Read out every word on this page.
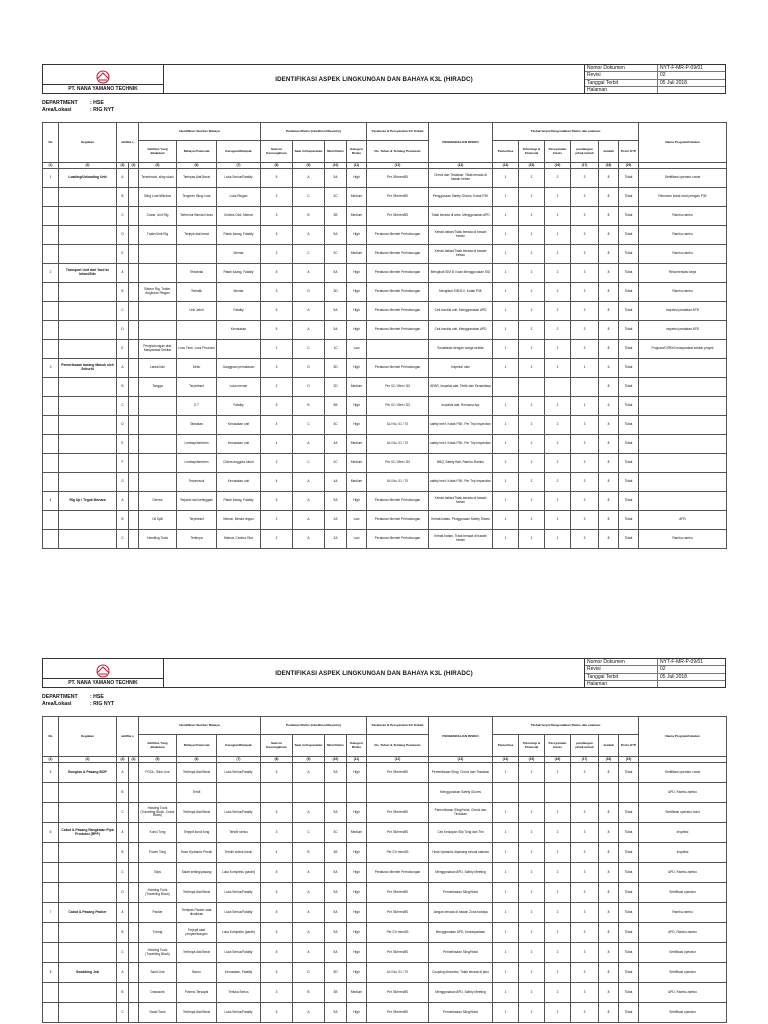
PT. NANA YAMANO TECHNIK
IDENTIFIKASI ASPEK LINGKUNGAN DAN BAHAYA K3L (HIRADC)
Nomor Dokumen	NYT-F-MR-P-09/01
Revisi	02
Tanggal Terbit	05 Juli 2018
Halaman
DEPARTMENT : HSE
Area/Lokasi	: RIG NYT
No	Kegiatan	aktifita s		Identifikasi Sumber Bahaya			Penilaian Risiko (Likelihood/Severity)				Peraturan & Persyaratan K3 Terkait	PENGENDALIAN RISIKO	Tindak lanjut Pengendalian Risiko dan evaluasi						Nama Program/Catatan
				Aktifitas Yang dilakukan	Bahaya Potensial	Kerugian/Dampak	Saat ini Kemungkinan	Saat ini Keparahan	Nilai Risiko	Kategori Risiko	No. Tahun & Tentang Peraturan		Pemeriksa	Teknologi & Finansial	Persyaratan bisnis	pandangan pihak terkait	Jumlah	Perlu O?P	
(1)	(2)	(3)	(4)	(5)	(6)	(7)	(8)	(9)	(10)	(11)	(12)	(13)	(14)	(15)	(16)	(17)	(18)	(19)	
1	Loading/Unloading Unit	A		Tersebrook, sling stuck	Terlepas Alat Berat	Luka Serius/Fatality	5	A	5A	High	Per 05/men/85	Check dan Tindakan. Tidak berada di bawah beban	1	2	2	3	8	Tidak	Sertifikasi operator crane
		B		Sling Lose/Window	Tergores Sling Lose	Luka Ringan	2	C	2C	Medium	Per 05/men/85	Penggunaan Safety Gloves, Kotak P3K	1	2	2	3	8	Tidak	Rekomen kotak obat petugas P3K
		C		Crane, Unit Rig	Terbentur Benda Keras	Cedera Otot, Memar	3	B	3B	Medium	Per 05/men/85	Tidak berada di area, Menggunakan APD	1	2	2	3	8	Tidak	Rambu-rambu
		D		Trailer/Unit Rig	Terjepit alat berat	Patah tulang, Fatality	5	A	5A	High	Peraturan Menteri Perhubungan	Kehati-hatian/Tidak berada di bawah beban	1	2	2	3	8	Tidak	Rambu-rambu
		E				Memar	2	C	2C	Medium	Peraturan Menteri Perhubungan	Kehati-hatian/Tidak berada di bawah beban	1	2	2	3	8	Tidak	Rambu-rambu
2	Transport Unit dari Yard ke lokasi/Site	A			Tertabrak	Patah tulang, Fatality	5	A	5A	High	Peraturan Menteri Perhubungan	Mengikuti SIM B II dan Menggunakan SIO	1	2	2	3	8	Tidak	Rekomendasi kerja
		B		Sistem Rig, Trailer, Angkutan Ringan	Terbalik	Memar	3	D	3D	High	Peraturan Menteri Perhubungan	Mengikuti SIM B II, Kotak P3K	1	2	2	3	8	Tidak	Rambu-rambu
		C			Unit Jatuh	Fatality	5	A	5A	High	Peraturan Menteri Perhubungan	Cek kondisi unit, Menggunakan APD	1	2	2	3	8	Tidak	inspeksi peralatan APD
		D				Kerusakan	5	A	5A	High	Peraturan Menteri Perhubungan	Cek kondisi unit, Menggunakan APD	1	2	2	3	8	Tidak	inspeksi peralatan APD
		E		Penghubungan alat, Masyarakat Sekitar	Loss Time, Loss Produksi		1	C	1C	Low		Sosialisasi dengan warga sekitar	1	2	2	3	8	Tidak	Program/CSR/k3 masyarakat sekitar proyek
3	Pemeriksaan barang Masuk oleh Sekuriti	A		Lantai licin	Debu	Gangguan pernafasan	3	D	3D	High	Peraturan Menteri Perhubungan	Inspeksi rutin	1	2	2	1	6	Tidak	
		B		Tangga	Terpeleset	Luka memar	2	D	2D	Medium	Per 02 / Men / 83	APAR, Inspeksi alat, Tertib dan Senantiasa					8	Tidak	
		C			S T	Fatality	5	B	5B	High	Per 02 / Men / 83	Inspeksi alat, Rencana Apr	1	2	2	1	6	Tidak	
		D			Tabrakan	Kerusakan unit	4	C	4C	High	UU No. 01 / 70	safety brief, Kotak P3K, Per Trip Inspection	1	2	2	3	8	Tidak	
		E			Lembap/berbeen	Kerusakan unit	4	A	4A	Medium	UU No. 01 / 70	safety brief, Kotak P3K, Per Trip Inspection	1	2	2	3	8	Tidak	
		F			Lembap/berbeen	Cidera anggota tubuh	2	C	2C	Medium	Per 02 / Men / 83	BBQ, Safety Ball, Rambu-Rambu	2	2	2	3	8	Tidak	
		G			Terperosok	Kerusakan unit	4	A	4A	Medium	UU No. 01 / 70	safety brief, Kotak P3K, Per Trip Inspection	1	2	2	3	8	Tidak	
4	Rig Up / Tegak Menara	A		Derrick	Terjatuh dari ketinggian	Patah tulang, Fatality	5	A	5A	High	Peraturan Menteri Perhubungan	Kehati-hatian/Tidak berada di bawah beban	1	2	2	3	8	Tidak	
		B		Oil Spill	Terpeleset	Memar, Benda ringan	2	A	2A	Low	Peraturan Menteri Perhubungan	Kehati-hatian, Penggunaan Safety Shoes	1	2	2	3	8	Tidak	APD
		C		Handling Tools	Tertimpa	Memar, Cedera Otot	2	A	2A	Low	Peraturan Menteri Perhubungan	Kehati-hatian, Tidak berada di bawah beban	1	2	2	3	8	Tidak	Rambu-rambu
PT. NANA YAMANO TECHNIK
IDENTIFIKASI ASPEK LINGKUNGAN DAN BAHAYA K3L (HIRADC)
Nomor Dokumen	NYT-F-MR-P-09/01
Revisi	02
Tanggal Terbit	05 Juli 2018
Halaman
DEPARTMENT : HSE
Area/Lokasi	: RIG NYT
No	Kegiatan	aktifita s		Identifikasi Sumber Bahaya			Penilaian Risiko (Likelihood/Severity)				Peraturan & Persyaratan K3 Terkait	PENGENDALIAN RISIKO	Tindak lanjut Pengendalian Risiko dan evaluasi						Nama Program/Catatan
				Aktifitas Yang dilakukan	Bahaya Potensial	Kerugian/Dampak	Saat ini Kemungkinan	Saat ini Keparahan	Nilai Risiko	Kategori Risiko	No. Tahun & Tentang Peraturan		Pemeriksa	Teknologi & Finansial	Persyaratan bisnis	pandangan pihak terkait	Jumlah	Perlu O?P	
(1)	(2)	(3)	(4)	(5)	(6)	(7)	(8)	(9)	(10)	(11)	(12)	(13)	(14)	(15)	(16)	(17)	(18)	(19)	
5	Bongkar & Pasang BOP	A		POOL, Slick Line	Tertimpa Alat Berat	Luka Serius/Fatality	5	A	5A	High	Per 05/men/85	Pemeriksaan Sling. Check dan Tindakan	1	2	2	3	8	Tidak	Sertifikasi operator crane
		B			Terbit							Menggunakan Safety Gloves							APD, Rambu-rambu
		C		Hoisting Tools (Travelling Block, Crane Block)	Tertimpa Alat Berat	Luka Serius/Fatality	5	A	5A	High	Per 05/men/85	Pemeriksaan Sling/Hoist, Check dan Tindakan	1	2	2	3	8	Tidak	Sertifikasi operator hoist
6	Cabut & Pasang Rangkaian Pipa Produksi (RPP)	A		Kunci Tong	Terjepit kunci tong	Terkilir serius	3	C	3C	Medium	Per 05/men/85	Cek Kesiapan Slip Tong dan Tim	1	2	2	3	8	Tidak	Inspeksi
		B		Power Tong	Hose Hydraulic Pecah	Terkilir cidera tubuh	4	B	4B	High	Per 01/ men/83	Hose hydraulic dipasang sesuai standar	1	2	2	3	8	Tidak	Inspeksi
		C		Slips	Salah setting/pasang	Luka Kompleks (parah)	5	A	5A	High	Peraturan Menteri Perhubungan	Menggunakan APD, Safety Meeting	1	2	2	3	8	Tidak	APD, Rambu-rambu
		D		Hoisting Tools (Travelling Block)	Tertimpa Alat Berat	Luka Serius/Fatality	5	A	5A	High	Per 05/men/85	Pemeriksaan Sling/Hoist	1	2	2	3	8	Tidak	Sertifikasi operator
7	Cabut & Pasang Packer	A		Packer	Terlepas Packer saat dinaikkan	Luka Serius/Fatality	5	A	5A	High	Per 05/men/85	Jangan berada di bawah Zona bahaya	1	2	2	3	8	Tidak	Rambu-rambu
		B		Tubing	Terjepit saat penyambungan	Luka Kompleks (parah)	5	A	5A	High	Per 01/ men/83	Menggunakan APD, Kewaspadaan	1	2	2	3	8	Tidak	APD, Rambu-rambu
		C		Hoisting Tools (Travelling Block)	Tertimpa Alat Berat	Luka Serius/Fatality	5	A	5A	High	Per 05/men/85	Pemeriksaan Sling/Hoist	1	2	2	3	8	Tidak	Sertifikasi operator
8	Swabbing Job	A		Sand Line	Baruo	Kerusakan, Fatality	5	D	5D	High	UU No. 01 / 70	Coupling dimonitor, Tidak berada di jalur	1	2	2	3	8	Tidak	Sertifikasi operator
		B		Drawwork	Potensi Tersayat	Terluka Serius	3	B	3B	Medium	Per 05/men/85	Menggunakan APD, Safety Meeting	1	2	2	3	8	Tidak	APD, Rambu-rambu
		C		Swab Tools	Tertimpa Alat Berat	Luka Serius/Fatality	5	A	5A	High	Per 05/men/85	Pemeriksaan Sling/Hoist	1	2	2	3	8	Tidak	Sertifikasi operator
